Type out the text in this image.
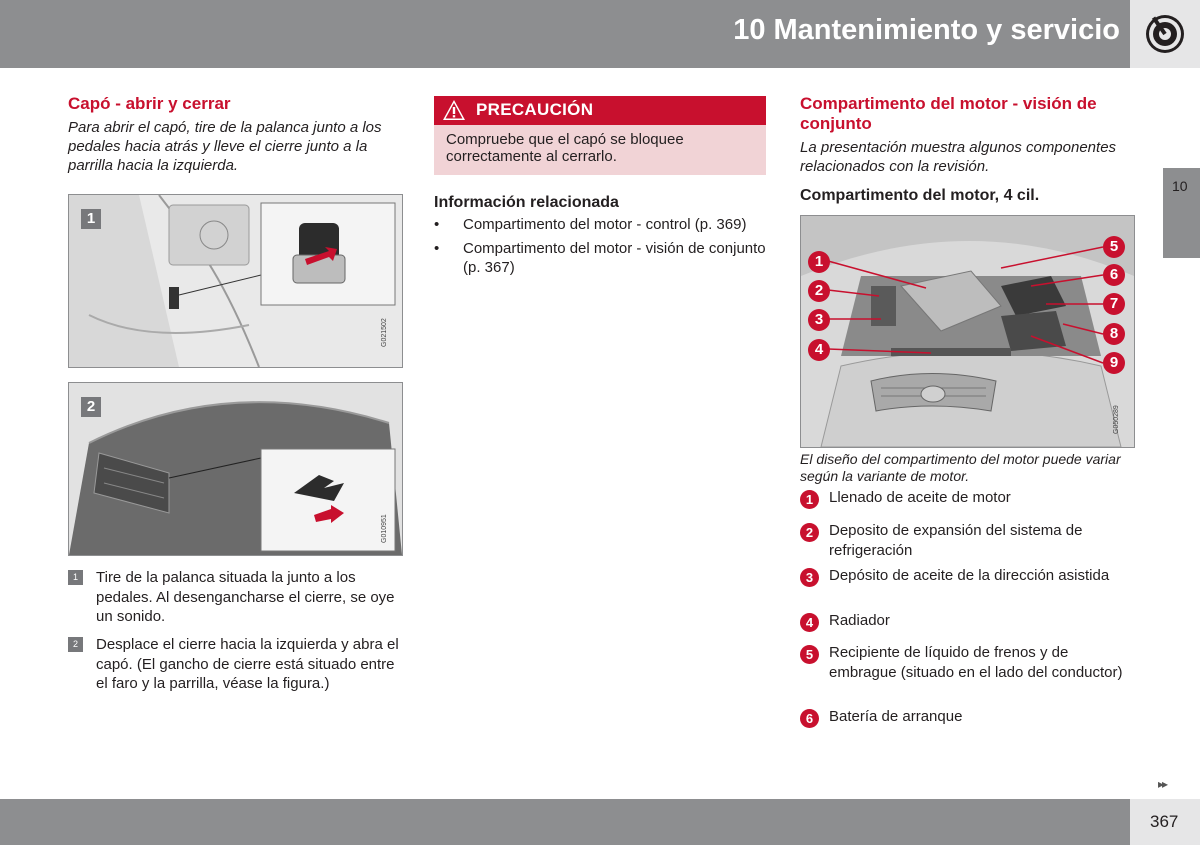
10 Mantenimiento y servicio
10
Capó - abrir y cerrar

Para abrir el capó, tire de la palanca junto a los pedales hacia atrás y lleve el cierre junto a la parrilla hacia la izquierda.

1
G021502
2
G010951
1	Tire de la palanca situada la junto a los pedales. Al desengancharse el cierre, se oye un sonido.
2	Desplace el cierre hacia la izquierda y abra el capó. (El gancho de cierre está situado entre el faro y la parrilla, véase la figura.)
PRECAUCIÓN
Compruebe que el capó se bloquee correctamente al cerrarlo.
Información relacionada
• Compartimento del motor - control (p. 369)
• Compartimento del motor - visión de conjunto (p. 367)
Compartimento del motor - visión de conjunto

La presentación muestra algunos componentes relacionados con la revisión.

Compartimento del motor, 4 cil.
1
2
3
4
5
6
7
8
9
G050289
El diseño del compartimento del motor puede variar según la variante de motor.
1	Llenado de aceite de motor
2	Deposito de expansión del sistema de refrigeración
3	Depósito de aceite de la dirección asistida
4	Radiador
5	Recipiente de líquido de frenos y de embrague (situado en el lado del conductor)
6	Batería de arranque
▸▸
367
